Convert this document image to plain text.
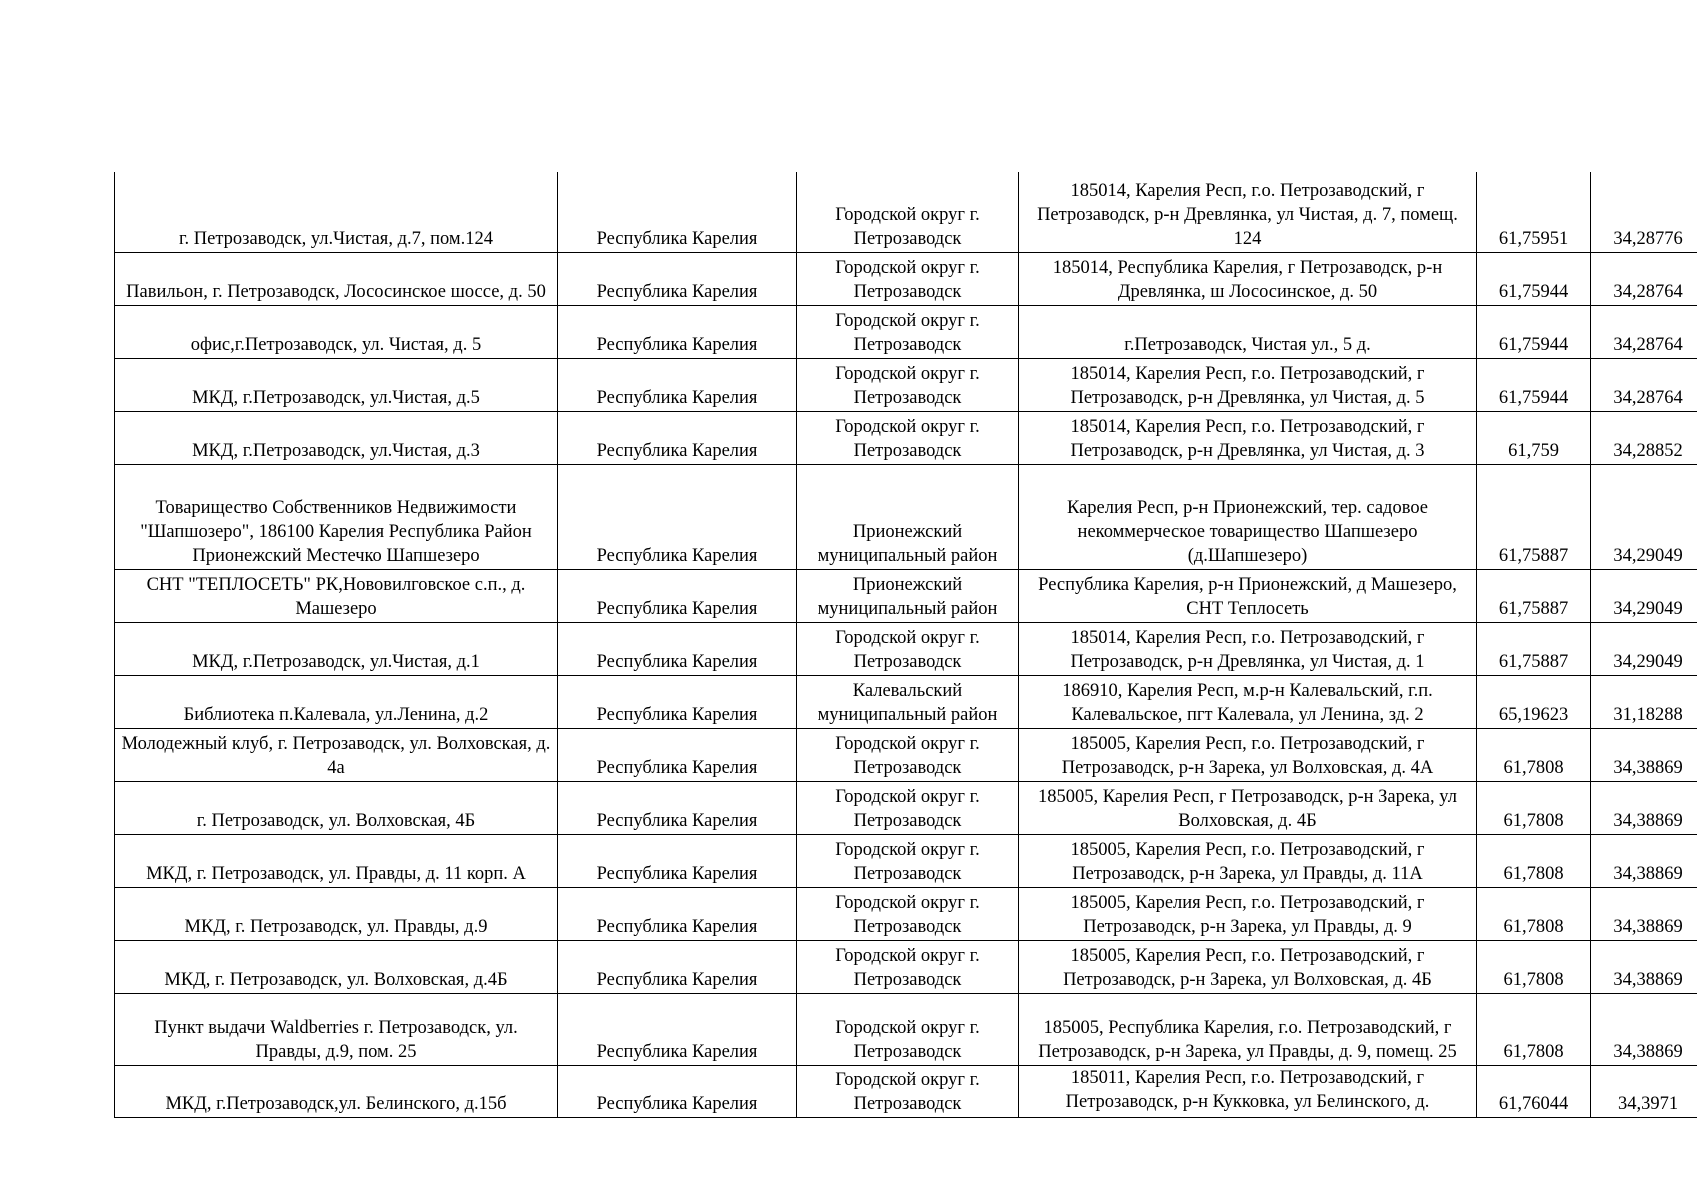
г. Петрозаводск, ул.Чистая, д.7, пом.124	Республика Карелия	Городской округ г. Петрозаводск	185014, Карелия Респ, г.о. Петрозаводский, г Петрозаводск, р-н Древлянка, ул Чистая, д. 7, помещ. 124	61,75951	34,28776
Павильон, г. Петрозаводск, Лососинское шоссе, д. 50	Республика Карелия	Городской округ г. Петрозаводск	185014, Республика Карелия, г Петрозаводск, р-н Древлянка, ш Лососинское, д. 50	61,75944	34,28764
офис,г.Петрозаводск, ул. Чистая, д. 5	Республика Карелия	Городской округ г. Петрозаводск	г.Петрозаводск, Чистая ул., 5 д.	61,75944	34,28764
МКД, г.Петрозаводск, ул.Чистая, д.5	Республика Карелия	Городской округ г. Петрозаводск	185014, Карелия Респ, г.о. Петрозаводский, г Петрозаводск, р-н Древлянка, ул Чистая, д. 5	61,75944	34,28764
МКД, г.Петрозаводск, ул.Чистая, д.3	Республика Карелия	Городской округ г. Петрозаводск	185014, Карелия Респ, г.о. Петрозаводский, г Петрозаводск, р-н Древлянка, ул Чистая, д. 3	61,759	34,28852
Товарищество Собственников Недвижимости "Шапшозеро", 186100 Карелия Республика Район Прионежский Местечко Шапшезеро	Республика Карелия	Прионежский муниципальный район	Карелия Респ, р-н Прионежский, тер. садовое некоммерческое товарищество Шапшезеро (д.Шапшезеро)	61,75887	34,29049
СНТ "ТЕПЛОСЕТЬ" РК,Нововилговское с.п., д. Машезеро	Республика Карелия	Прионежский муниципальный район	Республика Карелия, р-н Прионежский, д Машезеро, СНТ Теплосеть	61,75887	34,29049
МКД, г.Петрозаводск, ул.Чистая, д.1	Республика Карелия	Городской округ г. Петрозаводск	185014, Карелия Респ, г.о. Петрозаводский, г Петрозаводск, р-н Древлянка, ул Чистая, д. 1	61,75887	34,29049
Библиотека п.Калевала, ул.Ленина, д.2	Республика Карелия	Калевальский муниципальный район	186910, Карелия Респ, м.р-н Калевальский, г.п. Калевальское, пгт Калевала, ул Ленина, зд. 2	65,19623	31,18288
Молодежный клуб, г. Петрозаводск, ул. Волховская, д. 4а	Республика Карелия	Городской округ г. Петрозаводск	185005, Карелия Респ, г.о. Петрозаводский, г Петрозаводск, р-н Зарека, ул Волховская, д. 4А	61,7808	34,38869
г. Петрозаводск, ул. Волховская, 4Б	Республика Карелия	Городской округ г. Петрозаводск	185005, Карелия Респ, г Петрозаводск, р-н Зарека, ул Волховская, д. 4Б	61,7808	34,38869
МКД, г. Петрозаводск, ул. Правды, д. 11 корп. А	Республика Карелия	Городской округ г. Петрозаводск	185005, Карелия Респ, г.о. Петрозаводский, г Петрозаводск, р-н Зарека, ул Правды, д. 11А	61,7808	34,38869
МКД, г. Петрозаводск, ул. Правды, д.9	Республика Карелия	Городской округ г. Петрозаводск	185005, Карелия Респ, г.о. Петрозаводский, г Петрозаводск, р-н Зарека, ул Правды, д. 9	61,7808	34,38869
МКД, г. Петрозаводск, ул. Волховская, д.4Б	Республика Карелия	Городской округ г. Петрозаводск	185005, Карелия Респ, г.о. Петрозаводский, г Петрозаводск, р-н Зарека, ул Волховская, д. 4Б	61,7808	34,38869
Пункт выдачи Waldberries г. Петрозаводск, ул. Правды, д.9, пом. 25	Республика Карелия	Городской округ г. Петрозаводск	185005, Республика Карелия, г.о. Петрозаводский, г Петрозаводск, р-н Зарека, ул Правды, д. 9, помещ. 25	61,7808	34,38869
МКД, г.Петрозаводск,ул. Белинского, д.15б	Республика Карелия	Городской округ г. Петрозаводск	185011, Карелия Респ, г.о. Петрозаводский, г Петрозаводск, р-н Кукковка, ул Белинского, д.	61,76044	34,3971
